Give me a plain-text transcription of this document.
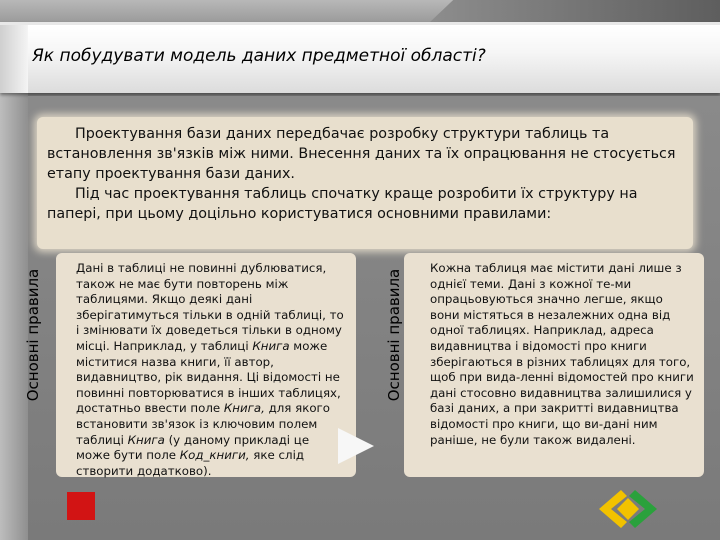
Як побудувати модель даних предметної області?

Проектування бази даних передбачає розробку структури таблиць та встановлення зв'язків між ними. Внесення даних та їх опрацювання не стосується етапу проектування бази даних.

Під час проектування таблиць спочатку краще розробити їх структуру на папері, при цьому доцільно користуватися основними правилами:

Основні правила
Дані в таблиці не повинні дублюватися, також не має бути повторень між таблицями. Якщо деякі дані зберігатимуться тільки в одній таблиці, то і змінювати їх доведеться тільки в одному місці. Наприклад, у таблиці Книга може міститися назва книги, її автор, видавництво, рік видання. Ці відомості не повинні повторюватися в інших таблицях, достатньо ввести поле Книга, для якого встановити зв'язок із ключовим полем таблиці Книга (у даному прикладі це може бути поле Код_книги, яке слід створити додатково).
Основні правила
Кожна таблиця має містити дані лише з однієї теми. Дані з кожної те-ми опрацьовуються значно легше, якщо вони містяться в незалежних одна від одної таблицях. Наприклад, адреса видавництва і відомості про книги зберігаються в різних таблицях для того, щоб при вида-ленні відомостей про книги дані стосовно видавництва залишилися у базі даних, а при закритті видавництва відомості про книги, що ви-дані ним раніше, не були також видалені.
